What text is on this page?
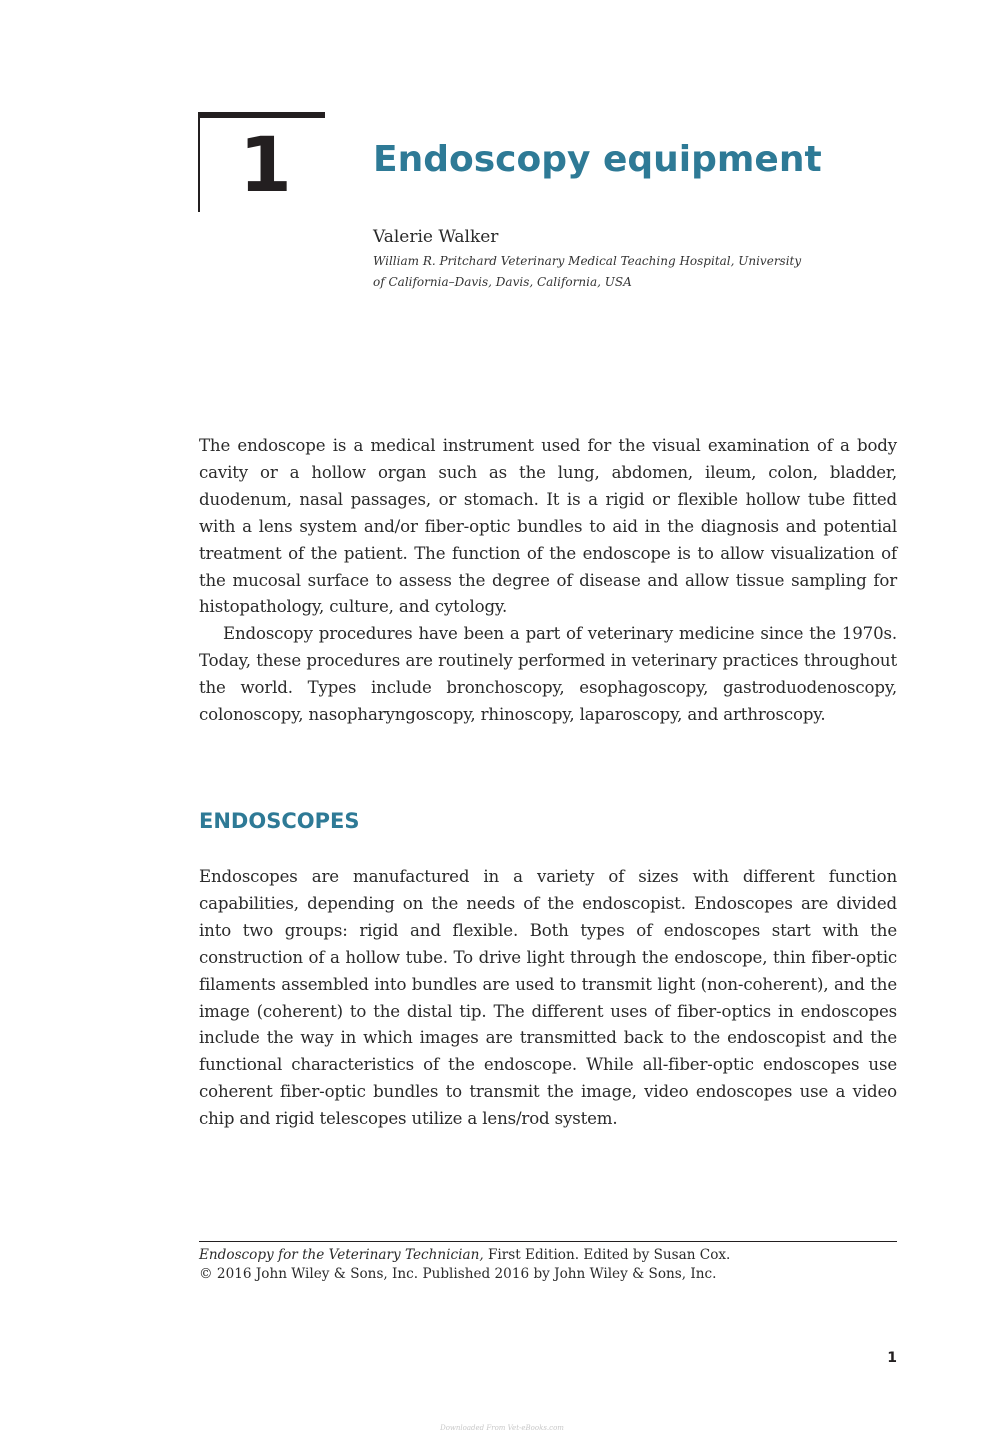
1 Endoscopy equipment
Valerie Walker
William R. Pritchard Veterinary Medical Teaching Hospital, University of California–Davis, Davis, California, USA

The endoscope is a medical instrument used for the visual examination of a body cavity or a hollow organ such as the lung, abdomen, ileum, colon, bladder, duodenum, nasal passages, or stomach. It is a rigid or flexible hollow tube fitted with a lens system and/or fiber-optic bundles to aid in the diagnosis and potential treatment of the patient. The function of the endoscope is to allow visualization of the mucosal surface to assess the degree of disease and allow tissue sampling for histopathology, culture, and cytology.

Endoscopy procedures have been a part of veterinary medicine since the 1970s. Today, these procedures are routinely performed in veterinary practices throughout the world. Types include bronchoscopy, esophagoscopy, gastroduodenoscopy, colonoscopy, nasopharyngoscopy, rhinoscopy, laparoscopy, and arthroscopy.

ENDOSCOPES

Endoscopes are manufactured in a variety of sizes with different function capabilities, depending on the needs of the endoscopist. Endoscopes are divided into two groups: rigid and flexible. Both types of endoscopes start with the construction of a hollow tube. To drive light through the endoscope, thin fiber-optic filaments assembled into bundles are used to transmit light (non-coherent), and the image (coherent) to the distal tip. The different uses of fiber-optics in endoscopes include the way in which images are transmitted back to the endoscopist and the functional characteristics of the endoscope. While all-fiber-optic endoscopes use coherent fiber-optic bundles to transmit the image, video endoscopes use a video chip and rigid telescopes utilize a lens/rod system.

Endoscopy for the Veterinary Technician, First Edition. Edited by Susan Cox.
© 2016 John Wiley & Sons, Inc. Published 2016 by John Wiley & Sons, Inc.
1
Downloaded From Vet-eBooks.com
